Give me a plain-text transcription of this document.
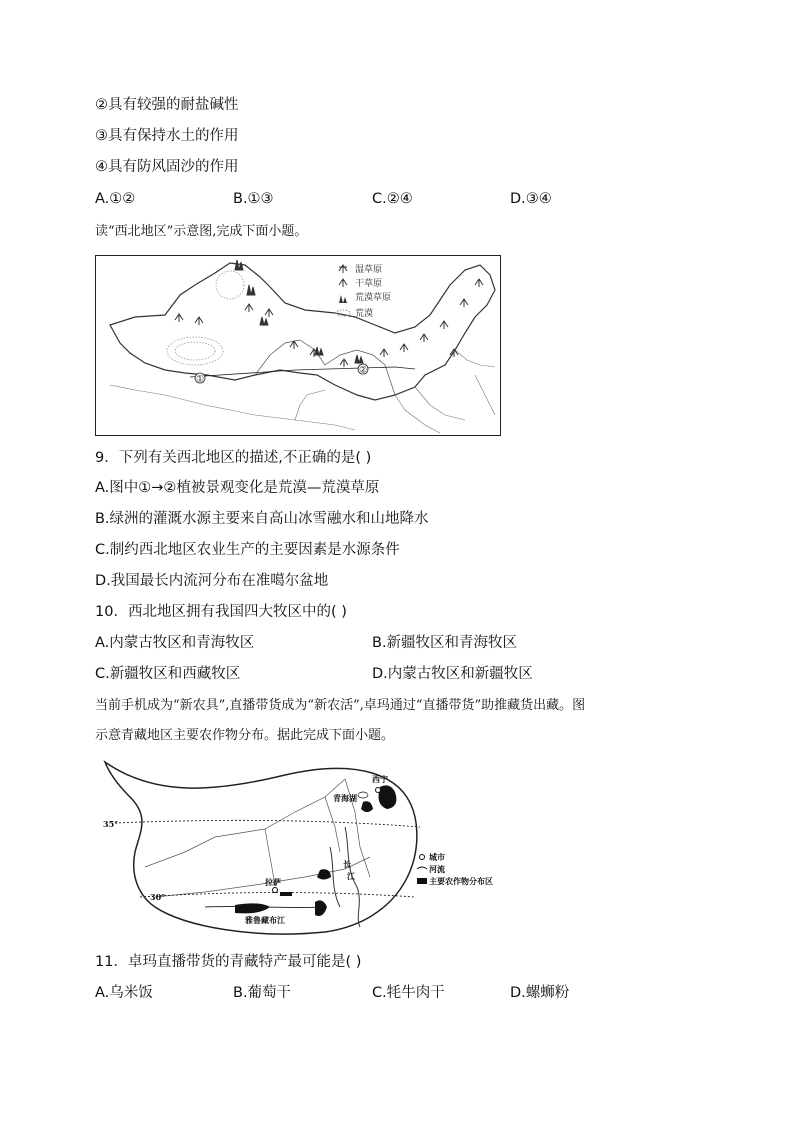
②具有较强的耐盐碱性
③具有保持水土的作用
④具有防风固沙的作用
A.①②	B.①③	C.②④	D.③④
读“西北地区”示意图,完成下面小题。
①
②
湿草原
干草原
荒漠草原
荒漠
9．下列有关西北地区的描述,不正确的是( )
A.图中①→②植被景观变化是荒漠—荒漠草原
B.绿洲的灌溉水源主要来自高山冰雪融水和山地降水
C.制约西北地区农业生产的主要因素是水源条件
D.我国最长内流河分布在准噶尔盆地
10．西北地区拥有我国四大牧区中的( )
A.内蒙古牧区和青海牧区	B.新疆牧区和青海牧区
C.新疆牧区和西藏牧区	D.内蒙古牧区和新疆牧区
当前手机成为“新农具”,直播带货成为“新农活”,卓玛通过“直播带货”助推藏货出藏。图
示意青藏地区主要农作物分布。据此完成下面小题。
西宁
青海湖
35°
30°
拉萨
雅鲁藏布江
长
江
城市
河流
主要农作物分布区
11．卓玛直播带货的青藏特产最可能是( )
A.乌米饭	B.葡萄干	C.牦牛肉干	D.螺蛳粉
